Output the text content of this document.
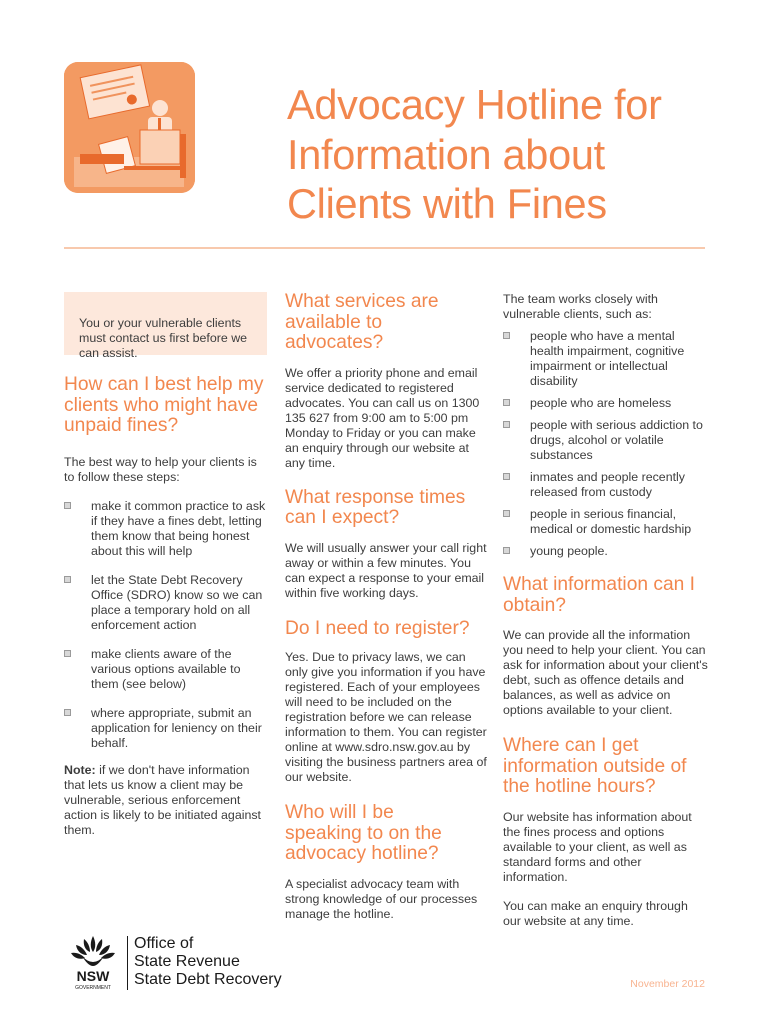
Advocacy Hotline for Information about Clients with Fines

You or your vulnerable clients must contact us first before we can assist.

How can I best help my clients who might have unpaid fines?

The best way to help your clients is to follow these steps:

make it common practice to ask if they have a fines debt, letting them know that being honest about this will help
let the State Debt Recovery Office (SDRO) know so we can place a temporary hold on all enforcement action
make clients aware of the various options available to them (see below)
where appropriate, submit an application for leniency on their behalf.

Note: if we don't have information that lets us know a client may be vulnerable, serious enforcement action is likely to be initiated against them.

What services are available to advocates?

We offer a priority phone and email service dedicated to registered advocates. You can call us on 1300 135 627 from 9:00 am to 5:00 pm Monday to Friday or you can make an enquiry through our website at any time.

What response times can I expect?

We will usually answer your call right away or within a few minutes. You can expect a response to your email within five working days.

Do I need to register?

Yes. Due to privacy laws, we can only give you information if you have registered. Each of your employees will need to be included on the registration before we can release information to them. You can register online at www.sdro.nsw.gov.au by visiting the business partners area of our website.

Who will I be speaking to on the advocacy hotline?

A specialist advocacy team with strong knowledge of our processes manage the hotline.

The team works closely with vulnerable clients, such as:

people who have a mental health impairment, cognitive impairment or intellectual disability
people who are homeless
people with serious addiction to drugs, alcohol or volatile substances
inmates and people recently released from custody
people in serious financial, medical or domestic hardship
young people.
What information can I obtain?

We can provide all the information you need to help your client. You can ask for information about your client's debt, such as offence details and balances, as well as advice on options available to your client.

Where can I get information outside of the hotline hours?

Our website has information about the fines process and options available to your client, as well as standard forms and other information.

You can make an enquiry through our website at any time.

NSW
GOVERNMENT
Office of
State Revenue
State Debt Recovery	November 2012
